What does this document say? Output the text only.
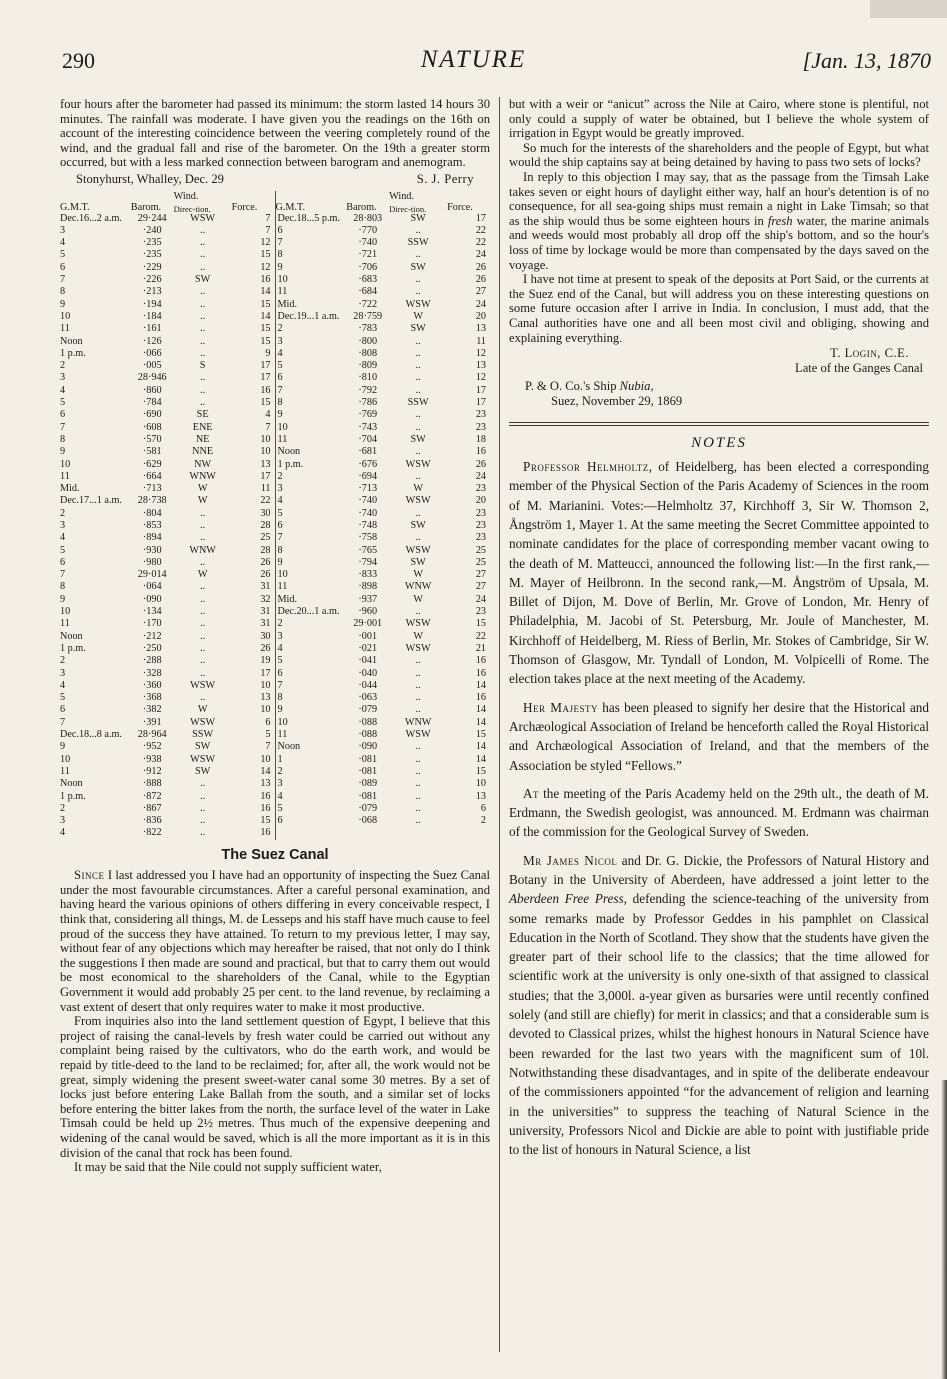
290	NATURE	[Jan. 13, 1870

four hours after the barometer had passed its minimum: the storm lasted 14 hours 30 minutes. The rainfall was moderate. I have given you the readings on the 16th on account of the interesting coincidence between the veering completely round of the wind, and the gradual fall and rise of the barometer. On the 19th a greater storm occurred, but with a less marked connection between barogram and anemogram.

Stonyhurst, Whalley, Dec. 29	S. J. Perry
		Wind.	
G.M.T.	Barom.	Direc-tion.	Force.
Dec.16...2 a.m.	29·244	WSW	7
3	·240	..	7
4	·235	..	12
5	·235	..	15
6	·229	..	12
7	·226	SW	16
8	·213	..	14
9	·194	..	15
10	·184	..	14
11	·161	..	15
Noon	·126	..	15
1 p.m.	·066	..	9
2	·005	S	17
3	28·946	..	17
4	·860	..	16
5	·784	..	15
6	·690	SE	4
7	·608	ENE	7
8	·570	NE	10
9	·581	NNE	10
10	·629	NW	13
11	·664	WNW	17
Mid.	·713	W	11
Dec.17...1 a.m.	28·738	W	22
2	·804	..	30
3	·853	..	28
4	·894	..	25
5	·930	WNW	28
6	·980	..	26
7	29·014	W	26
8	·064	..	31
9	·090	..	32
10	·134	..	31
11	·170	..	31
Noon	·212	..	30
1 p.m.	·250	..	26
2	·288	..	19
3	·328	..	17
4	·360	WSW	10
5	·368	..	13
6	·382	W	10
7	·391	WSW	6
Dec.18...8 a.m.	28·964	SSW	5
9	·952	SW	7
10	·938	WSW	10
11	·912	SW	14
Noon	·888	..	13
1 p.m.	·872	..	16
2	·867	..	16
3	·836	..	15
4	·822	..	16
		Wind.	
G.M.T.	Barom.	Direc-tion.	Force.
Dec.18...5 p.m.	28·803	SW	17
6	·770	..	22
7	·740	SSW	22
8	·721	..	24
9	·706	SW	26
10	·683	..	26
11	·684	..	27
Mid.	·722	WSW	24
Dec.19...1 a.m.	28·759	W	20
2	·783	SW	13
3	·800	..	11
4	·808	..	12
5	·809	..	13
6	·810	..	12
7	·792	..	17
8	·786	SSW	17
9	·769	..	23
10	·743	..	23
11	·704	SW	18
Noon	·681	..	16
1 p.m.	·676	WSW	26
2	·694	..	24
3	·713	W	23
4	·740	WSW	20
5	·740	..	23
6	·748	SW	23
7	·758	..	23
8	·765	WSW	25
9	·794	SW	25
10	·833	W	27
11	·898	WNW	27
Mid.	·937	W	24
Dec.20...1 a.m.	·960	..	23
2	29·001	WSW	15
3	·001	W	22
4	·021	WSW	21
5	·041	..	16
6	·040	..	16
7	·044	..	14
8	·063	..	16
9	·079	..	14
10	·088	WNW	14
11	·088	WSW	15
Noon	·090	..	14
1	·081	..	14
2	·081	..	15
3	·089	..	10
4	·081	..	13
5	·079	..	6
6	·068	..	2
The Suez Canal

Since I last addressed you I have had an opportunity of inspecting the Suez Canal under the most favourable circumstances. After a careful personal examination, and having heard the various opinions of others differing in every conceivable respect, I think that, considering all things, M. de Lesseps and his staff have much cause to feel proud of the success they have attained. To return to my previous letter, I may say, without fear of any objections which may hereafter be raised, that not only do I think the suggestions I then made are sound and practical, but that to carry them out would be most economical to the shareholders of the Canal, while to the Egyptian Government it would add probably 25 per cent. to the land revenue, by reclaiming a vast extent of desert that only requires water to make it most productive.

From inquiries also into the land settlement question of Egypt, I believe that this project of raising the canal-levels by fresh water could be carried out without any complaint being raised by the cultivators, who do the earth work, and would be repaid by title-deed to the land to be reclaimed; for, after all, the work would not be great, simply widening the present sweet-water canal some 30 metres. By a set of locks just before entering Lake Ballah from the south, and a similar set of locks before entering the bitter lakes from the north, the surface level of the water in Lake Timsah could be held up 2½ metres. Thus much of the expensive deepening and widening of the canal would be saved, which is all the more important as it is in this division of the canal that rock has been found.

It may be said that the Nile could not supply sufficient water,

but with a weir or “anicut” across the Nile at Cairo, where stone is plentiful, not only could a supply of water be obtained, but I believe the whole system of irrigation in Egypt would be greatly improved.

So much for the interests of the shareholders and the people of Egypt, but what would the ship captains say at being detained by having to pass two sets of locks?

In reply to this objection I may say, that as the passage from the Timsah Lake takes seven or eight hours of daylight either way, half an hour's detention is of no consequence, for all sea-going ships must remain a night in Lake Timsah; so that as the ship would thus be some eighteen hours in fresh water, the marine animals and weeds would most probably all drop off the ship's bottom, and so the hour's loss of time by lockage would be more than compensated by the days saved on the voyage.

I have not time at present to speak of the deposits at Port Said, or the currents at the Suez end of the Canal, but will address you on these interesting questions on some future occasion after I arrive in India. In conclusion, I must add, that the Canal authorities have one and all been most civil and obliging, showing and explaining everything.

T. Login, C.E.
Late of the Ganges Canal
P. & O. Co.'s Ship Nubia,
Suez, November 29, 1869
NOTES

Professor Helmholtz, of Heidelberg, has been elected a corresponding member of the Physical Section of the Paris Academy of Sciences in the room of M. Marianini. Votes:—Helmholtz 37, Kirchhoff 3, Sir W. Thomson 2, Ångström 1, Mayer 1. At the same meeting the Secret Committee appointed to nominate candidates for the place of corresponding member vacant owing to the death of M. Matteucci, announced the following list:—In the first rank,—M. Mayer of Heilbronn. In the second rank,—M. Ångström of Upsala, M. Billet of Dijon, M. Dove of Berlin, Mr. Grove of London, Mr. Henry of Philadelphia, M. Jacobi of St. Petersburg, Mr. Joule of Manchester, M. Kirchhoff of Heidelberg, M. Riess of Berlin, Mr. Stokes of Cambridge, Sir W. Thomson of Glasgow, Mr. Tyndall of London, M. Volpicelli of Rome. The election takes place at the next meeting of the Academy.

Her Majesty has been pleased to signify her desire that the Historical and Archæological Association of Ireland be henceforth called the Royal Historical and Archæological Association of Ireland, and that the members of the Association be styled “Fellows.”

At the meeting of the Paris Academy held on the 29th ult., the death of M. Erdmann, the Swedish geologist, was announced. M. Erdmann was chairman of the commission for the Geological Survey of Sweden.

Mr James Nicol and Dr. G. Dickie, the Professors of Natural History and Botany in the University of Aberdeen, have addressed a joint letter to the Aberdeen Free Press, defending the science-teaching of the university from some remarks made by Professor Geddes in his pamphlet on Classical Education in the North of Scotland. They show that the students have given the greater part of their school life to the classics; that the time allowed for scientific work at the university is only one-sixth of that assigned to classical studies; that the 3,000l. a-year given as bursaries were until recently confined solely (and still are chiefly) for merit in classics; and that a considerable sum is devoted to Classical prizes, whilst the highest honours in Natural Science have been rewarded for the last two years with the magnificent sum of 10l. Notwithstanding these disadvantages, and in spite of the deliberate endeavour of the commissioners appointed “for the advancement of religion and learning in the universities” to suppress the teaching of Natural Science in the university, Professors Nicol and Dickie are able to point with justifiable pride to the list of honours in Natural Science, a list
